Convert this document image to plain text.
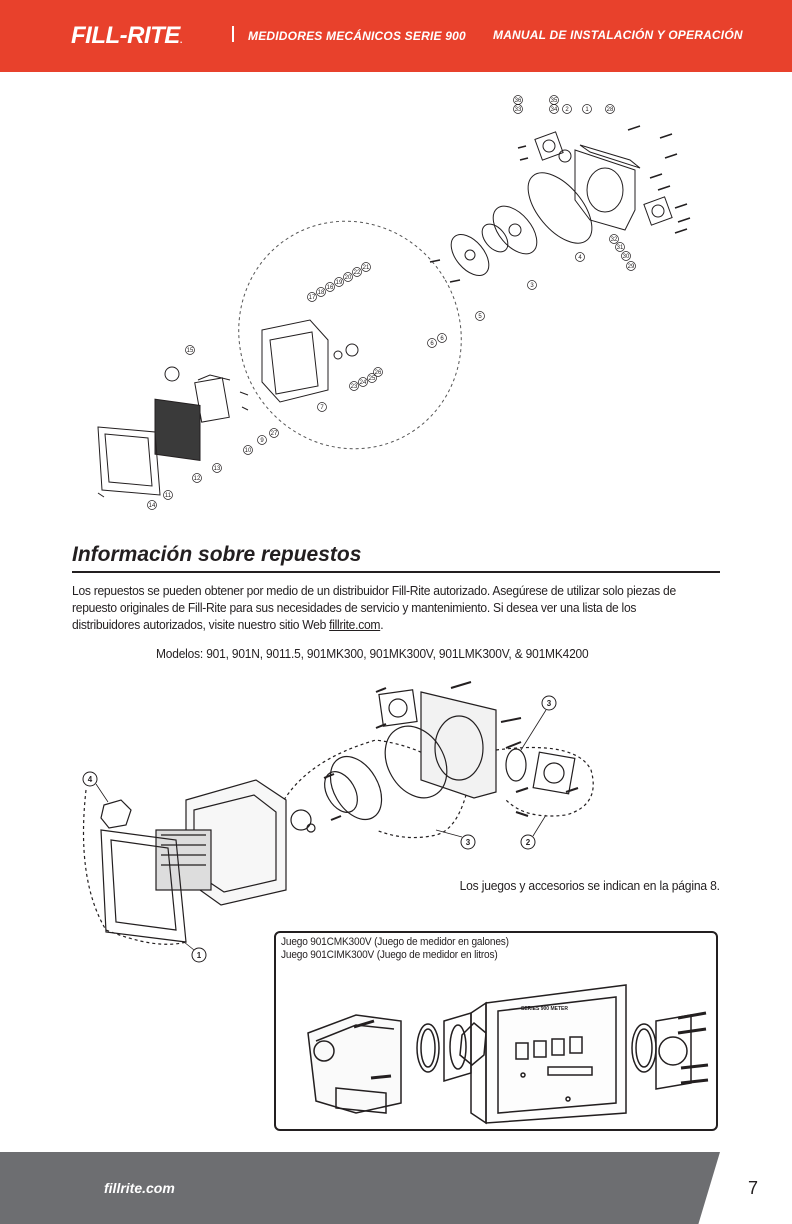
FILL-RITE.	MEDIDORES MECÁNICOS SERIE 900 MANUAL DE INSTALACIÓN Y OPERACIÓN
36
33
35
34 2	1	28
4
32
31
30
29
3
5
21
22
20
19
16
18
17
6
6
15
7
23
24
25
26
27
9
10
13
12
11
14
Información sobre repuestos
Los repuestos se pueden obtener por medio de un distribuidor Fill-Rite autorizado. Asegúrese de utilizar solo piezas de repuesto originales de Fill-Rite para sus necesidades de servicio y mantenimiento. Si desea ver una lista de los distribuidores autorizados, visite nuestro sitio Web fillrite.com.
Modelos: 901, 901N, 9011.5, 901MK300, 901MK300V, 901LMK300V, & 901MK4200
3
4
3	2
1
Los juegos y accesorios se indican en la página 8.
Juego 901CMK300V (Juego de medidor en galones)
Juego 901CIMK300V (Juego de medidor en litros)
SERIES 900 METER
fillrite.com	7
